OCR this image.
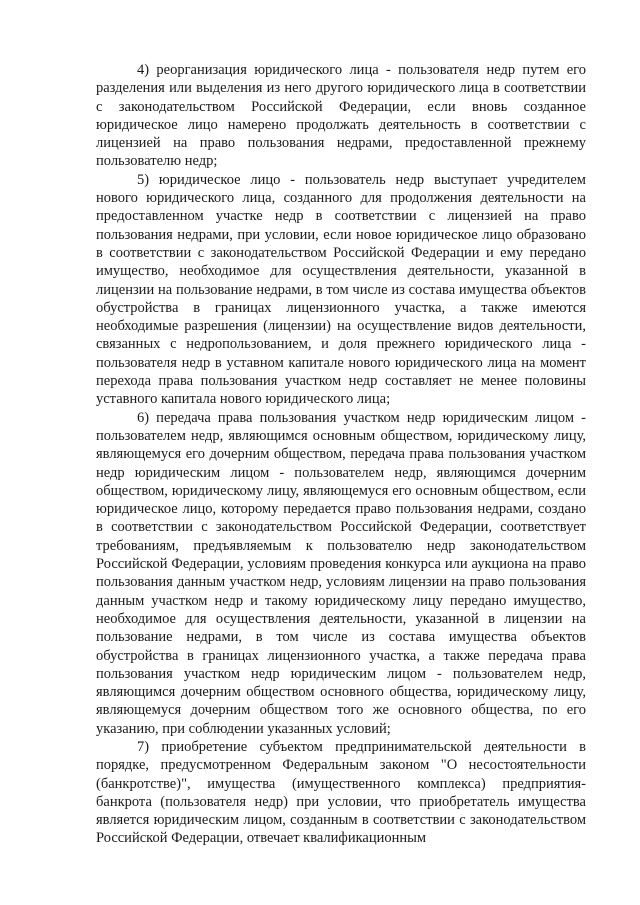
4) реорганизация юридического лица - пользователя недр путем его разделения или выделения из него другого юридического лица в соответствии с законодательством Российской Федерации, если вновь созданное юридическое лицо намерено продолжать деятельность в соответствии с лицензией на право пользования недрами, предоставленной прежнему пользователю недр;

5) юридическое лицо - пользователь недр выступает учредителем нового юридического лица, созданного для продолжения деятельности на предоставленном участке недр в соответствии с лицензией на право пользования недрами, при условии, если новое юридическое лицо образовано в соответствии с законодательством Российской Федерации и ему передано имущество, необходимое для осуществления деятельности, указанной в лицензии на пользование недрами, в том числе из состава имущества объектов обустройства в границах лицензионного участка, а также имеются необходимые разрешения (лицензии) на осуществление видов деятельности, связанных с недропользованием, и доля прежнего юридического лица - пользователя недр в уставном капитале нового юридического лица на момент перехода права пользования участком недр составляет не менее половины уставного капитала нового юридического лица;

6) передача права пользования участком недр юридическим лицом - пользователем недр, являющимся основным обществом, юридическому лицу, являющемуся его дочерним обществом, передача права пользования участком недр юридическим лицом - пользователем недр, являющимся дочерним обществом, юридическому лицу, являющемуся его основным обществом, если юридическое лицо, которому передается право пользования недрами, создано в соответствии с законодательством Российской Федерации, соответствует требованиям, предъявляемым к пользователю недр законодательством Российской Федерации, условиям проведения конкурса или аукциона на право пользования данным участком недр, условиям лицензии на право пользования данным участком недр и такому юридическому лицу передано имущество, необходимое для осуществления деятельности, указанной в лицензии на пользование недрами, в том числе из состава имущества объектов обустройства в границах лицензионного участка, а также передача права пользования участком недр юридическим лицом - пользователем недр, являющимся дочерним обществом основного общества, юридическому лицу, являющемуся дочерним обществом того же основного общества, по его указанию, при соблюдении указанных условий;

7) приобретение субъектом предпринимательской деятельности в порядке, предусмотренном Федеральным законом "О несостоятельности (банкротстве)", имущества (имущественного комплекса) предприятия-банкрота (пользователя недр) при условии, что приобретатель имущества является юридическим лицом, созданным в соответствии с законодательством Российской Федерации, отвечает квалификационным
